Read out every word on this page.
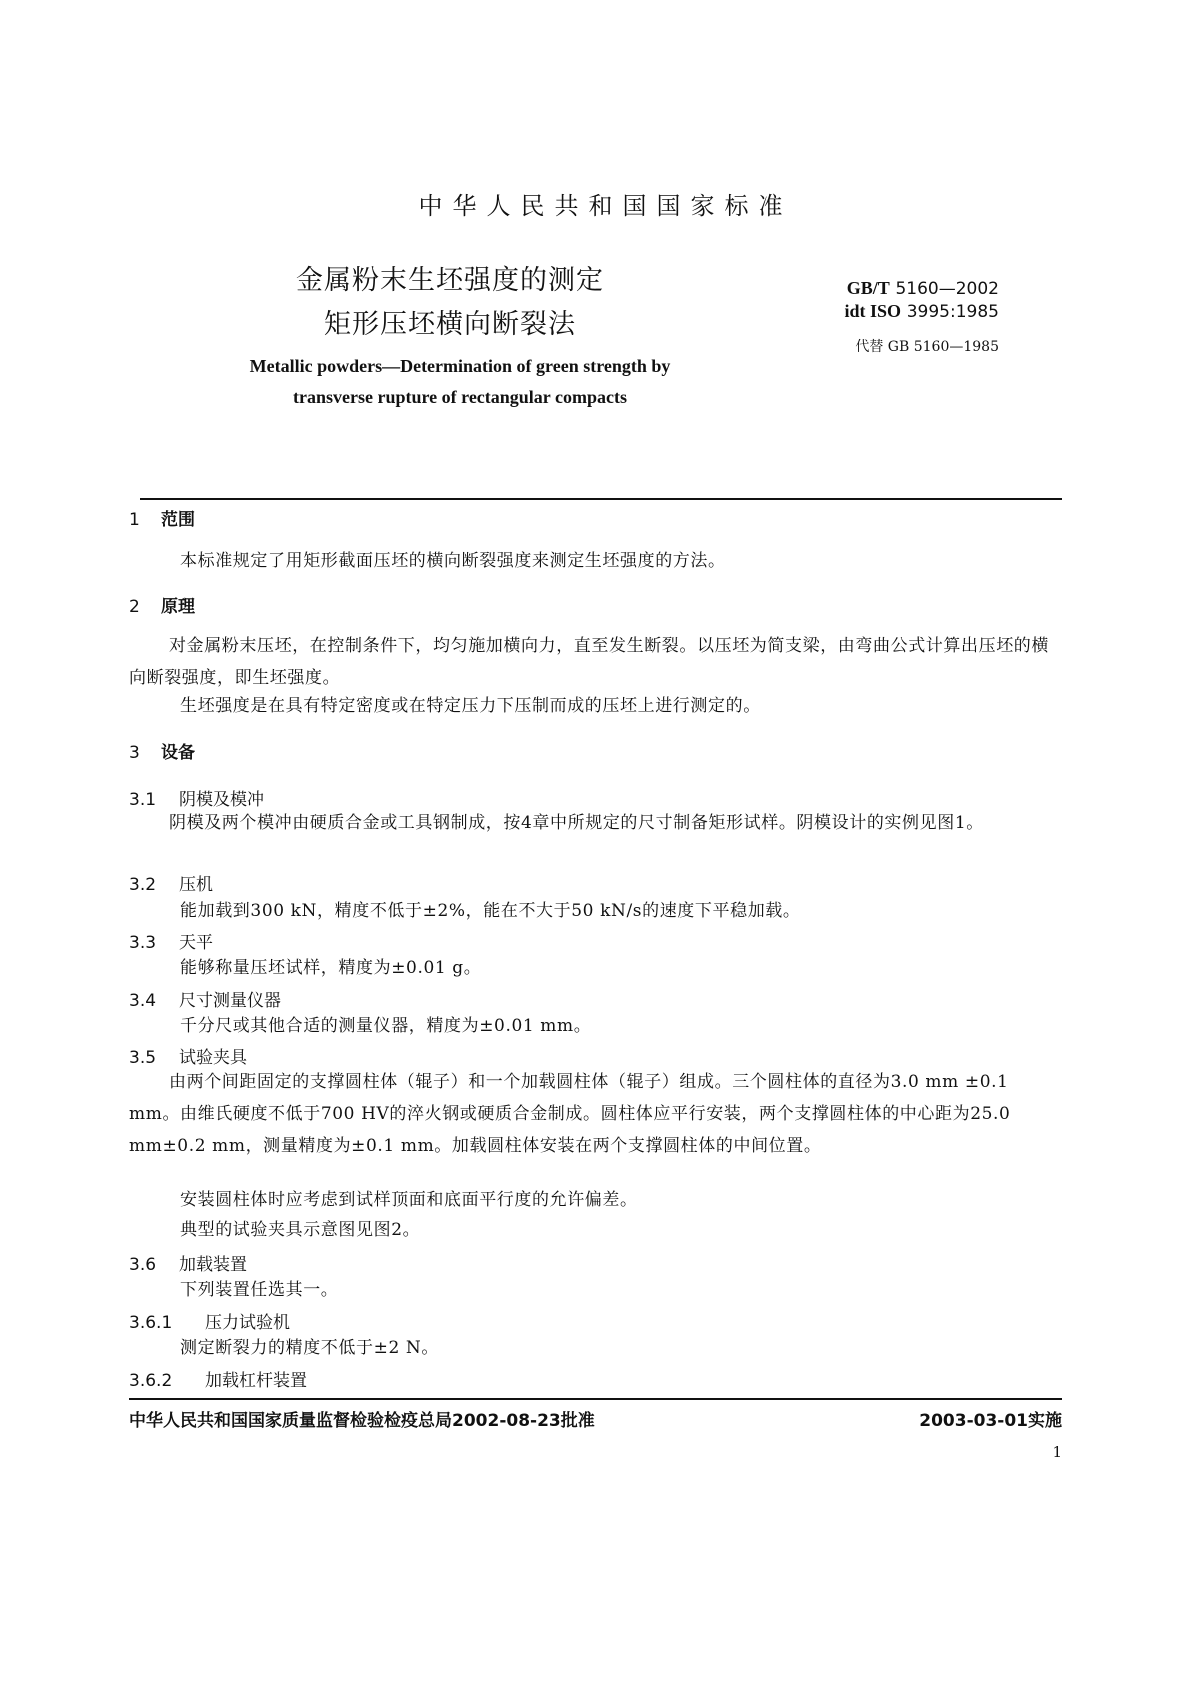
中华人民共和国国家标准
金属粉末生坯强度的测定
矩形压坯横向断裂法
GB/T 5160—2002
idt ISO 3995:1985
代替 GB 5160—1985
Metallic powders—Determination of green strength by
transverse rupture of rectangular compacts
1 范围
本标准规定了用矩形截面压坯的横向断裂强度来测定生坯强度的方法。
2 原理
对金属粉末压坯，在控制条件下，均匀施加横向力，直至发生断裂。以压坯为简支梁，由弯曲公式计算出压坯的横向断裂强度，即生坯强度。
生坯强度是在具有特定密度或在特定压力下压制而成的压坯上进行测定的。
3 设备
3.1 阴模及模冲
阴模及两个模冲由硬质合金或工具钢制成，按4章中所规定的尺寸制备矩形试样。阴模设计的实例见图1。
3.2 压机
能加载到300 kN，精度不低于±2%，能在不大于50 kN/s的速度下平稳加载。
3.3 天平
能够称量压坯试样，精度为±0.01 g。
3.4 尺寸测量仪器
千分尺或其他合适的测量仪器，精度为±0.01 mm。
3.5 试验夹具
由两个间距固定的支撑圆柱体（辊子）和一个加载圆柱体（辊子）组成。三个圆柱体的直径为3.0 mm ±0.1 mm。由维氏硬度不低于700 HV的淬火钢或硬质合金制成。圆柱体应平行安装，两个支撑圆柱体的中心距为25.0 mm±0.2 mm，测量精度为±0.1 mm。加载圆柱体安装在两个支撑圆柱体的中间位置。
安装圆柱体时应考虑到试样顶面和底面平行度的允许偏差。
典型的试验夹具示意图见图2。
3.6 加载装置
下列装置任选其一。
3.6.1 压力试验机
测定断裂力的精度不低于±2 N。
3.6.2 加载杠杆装置
中华人民共和国国家质量监督检验检疫总局2002-08-23批准	2003-03-01实施
1
